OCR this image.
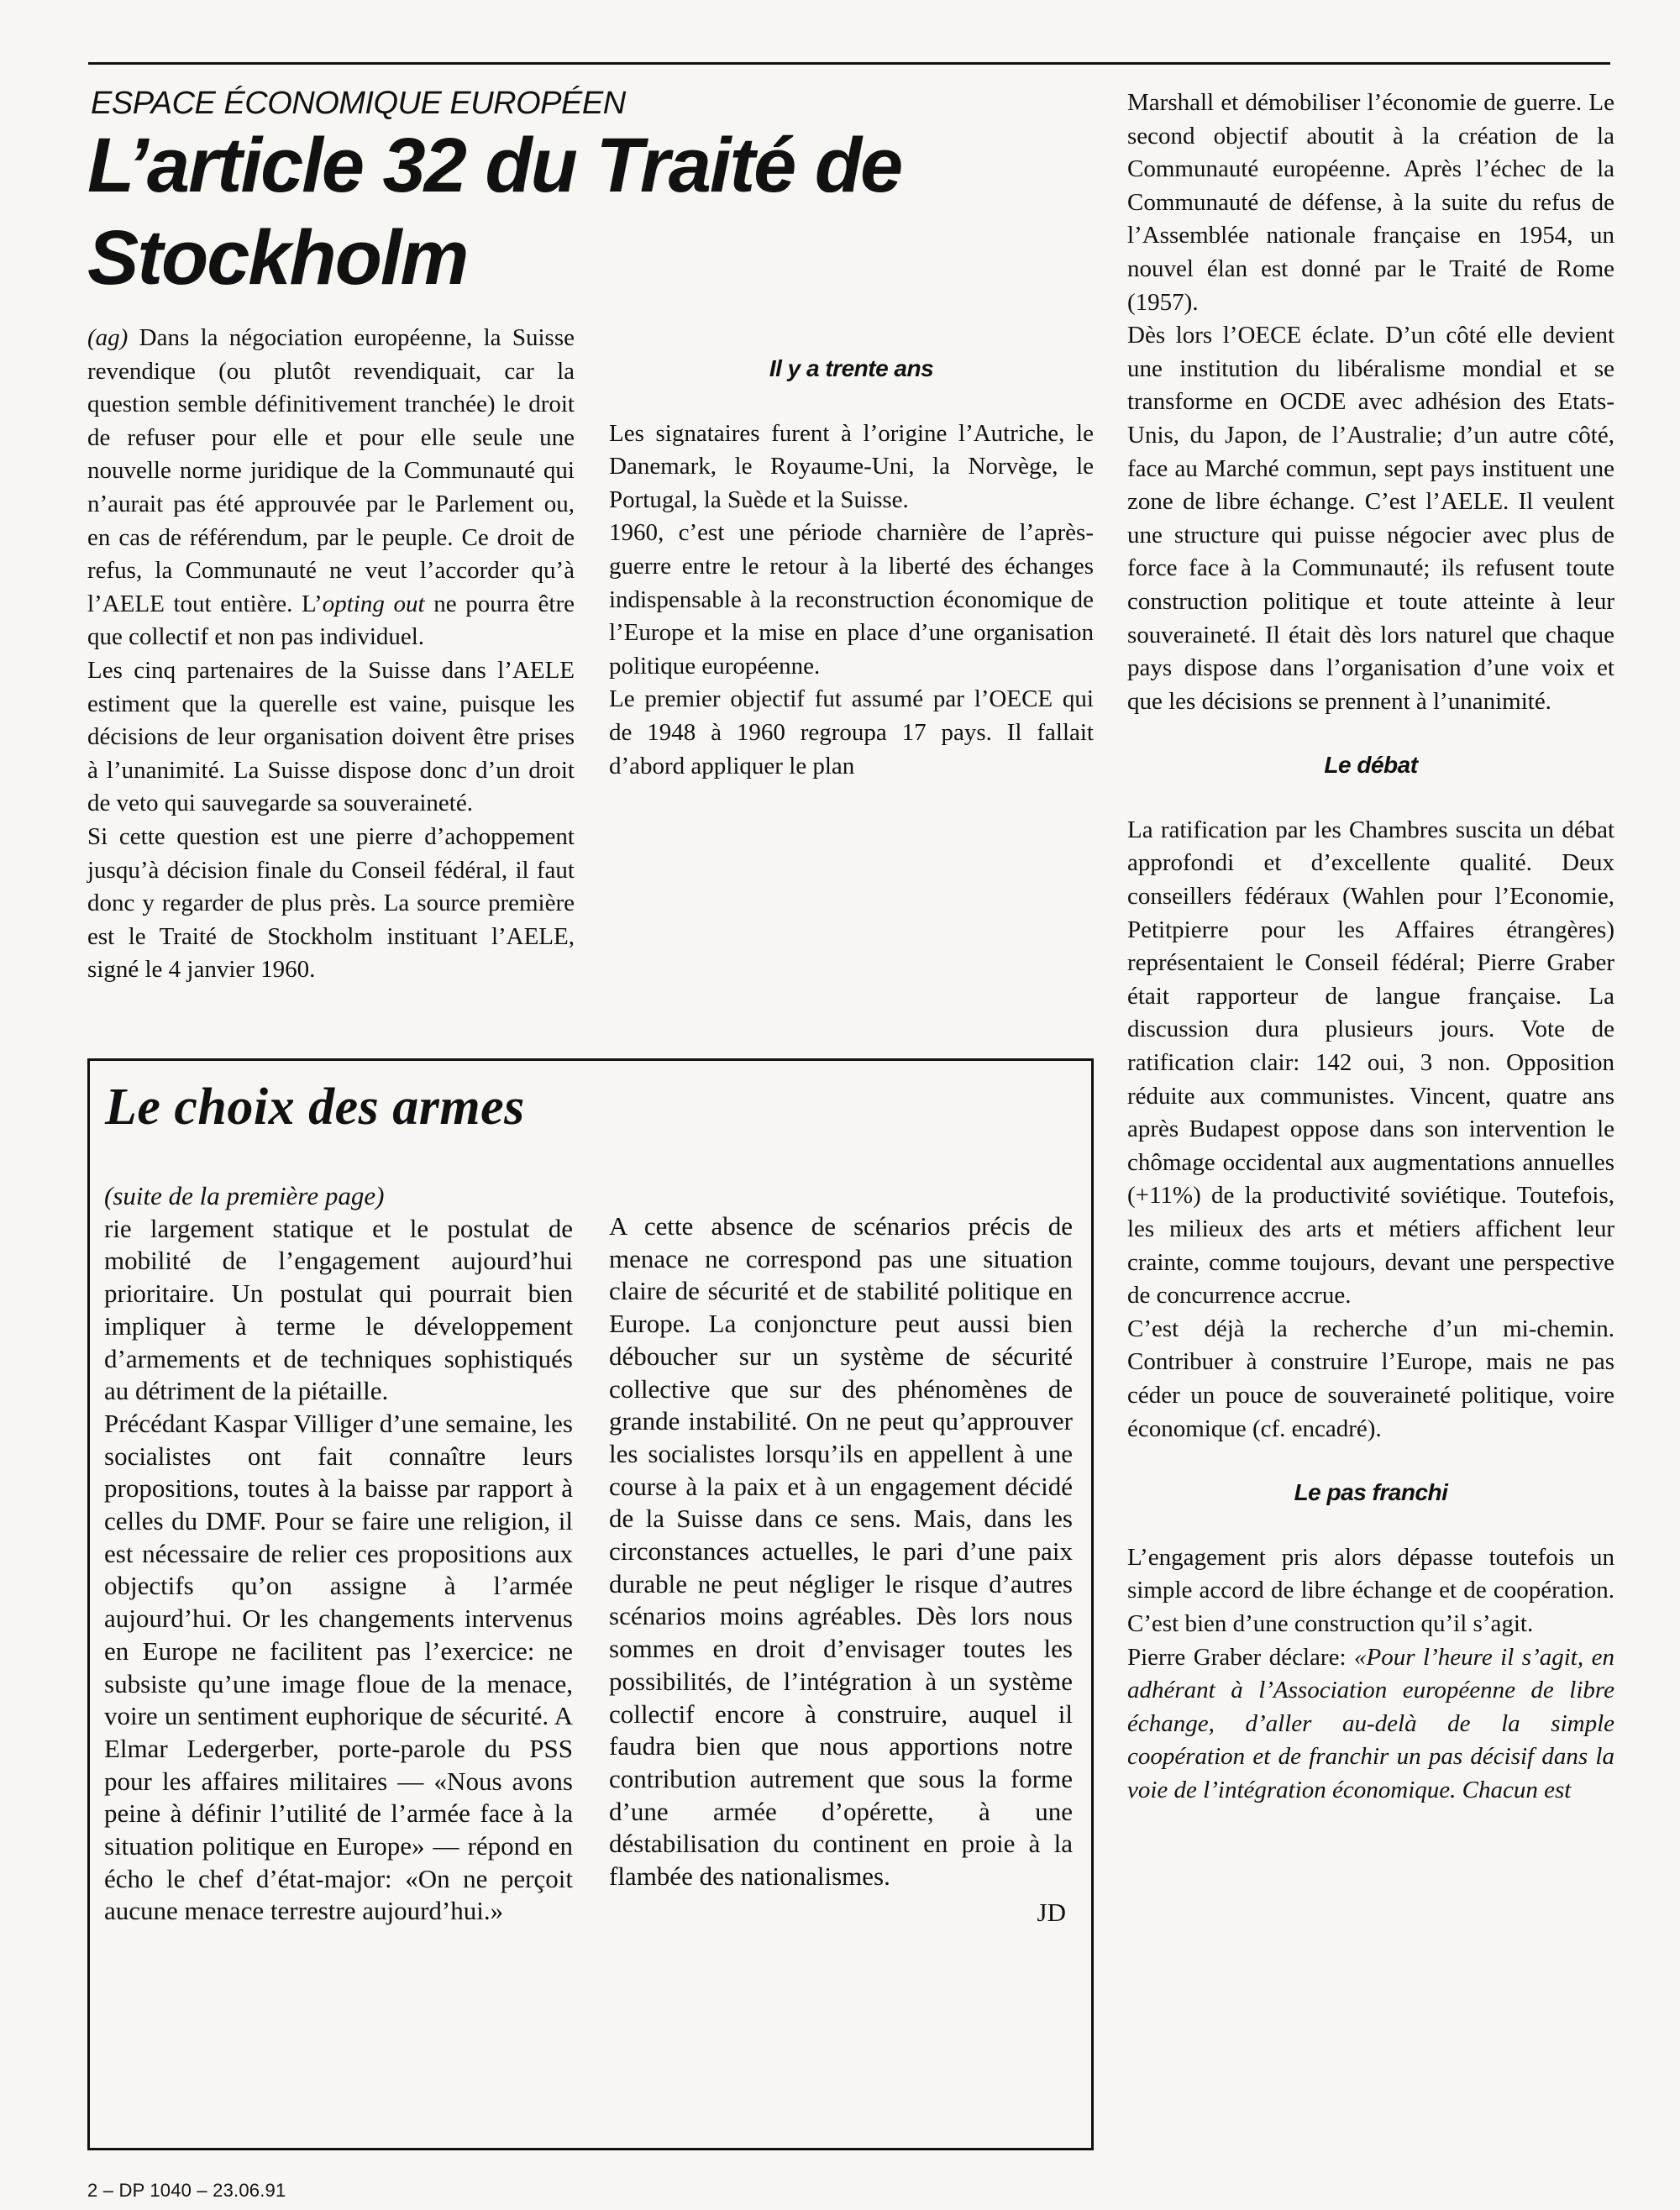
ESPACE ÉCONOMIQUE EUROPÉEN

L’article 32 du Traité de Stockholm

(ag) Dans la négociation européenne, la Suisse revendique (ou plutôt revendiquait, car la question semble définitivement tranchée) le droit de refuser pour elle et pour elle seule une nouvelle norme juridique de la Communauté qui n’aurait pas été approuvée par le Parlement ou, en cas de référendum, par le peuple. Ce droit de refus, la Communauté ne veut l’accorder qu’à l’AELE tout entière. L’opting out ne pourra être que collectif et non pas individuel.

Les cinq partenaires de la Suisse dans l’AELE estiment que la querelle est vaine, puisque les décisions de leur organisation doivent être prises à l’unanimité. La Suisse dispose donc d’un droit de veto qui sauvegarde sa souveraineté.

Si cette question est une pierre d’achoppement jusqu’à décision finale du Conseil fédéral, il faut donc y regarder de plus près. La source première est le Traité de Stockholm instituant l’AELE, signé le 4 janvier 1960.

Il y a trente ans

Les signataires furent à l’origine l’Autriche, le Danemark, le Royaume-Uni, la Norvège, le Portugal, la Suède et la Suisse.

1960, c’est une période charnière de l’après-guerre entre le retour à la liberté des échanges indispensable à la reconstruction économique de l’Europe et la mise en place d’une organisation politique européenne.

Le premier objectif fut assumé par l’OECE qui de 1948 à 1960 regroupa 17 pays. Il fallait d’abord appliquer le plan

Marshall et démobiliser l’économie de guerre. Le second objectif aboutit à la création de la Communauté européenne. Après l’échec de la Communauté de défense, à la suite du refus de l’Assemblée nationale française en 1954, un nouvel élan est donné par le Traité de Rome (1957).

Dès lors l’OECE éclate. D’un côté elle devient une institution du libéralisme mondial et se transforme en OCDE avec adhésion des Etats-Unis, du Japon, de l’Australie; d’un autre côté, face au Marché commun, sept pays instituent une zone de libre échange. C’est l’AELE. Il veulent une structure qui puisse négocier avec plus de force face à la Communauté; ils refusent toute construction politique et toute atteinte à leur souveraineté. Il était dès lors naturel que chaque pays dispose dans l’organisation d’une voix et que les décisions se prennent à l’unanimité.

Le débat

La ratification par les Chambres suscita un débat approfondi et d’excellente qualité. Deux conseillers fédéraux (Wahlen pour l’Economie, Petitpierre pour les Affaires étrangères) représentaient le Conseil fédéral; Pierre Graber était rapporteur de langue française. La discussion dura plusieurs jours. Vote de ratification clair: 142 oui, 3 non. Opposition réduite aux communistes. Vincent, quatre ans après Budapest oppose dans son intervention le chômage occidental aux augmentations annuelles (+11%) de la productivité soviétique. Toutefois, les milieux des arts et métiers affichent leur crainte, comme toujours, devant une perspective de concurrence accrue.

C’est déjà la recherche d’un mi-chemin. Contribuer à construire l’Europe, mais ne pas céder un pouce de souveraineté politique, voire économique (cf. encadré).

Le pas franchi

L’engagement pris alors dépasse toutefois un simple accord de libre échange et de coopération. C’est bien d’une construction qu’il s’agit.

Pierre Graber déclare: «Pour l’heure il s’agit, en adhérant à l’Association européenne de libre échange, d’aller au-delà de la simple coopération et de franchir un pas décisif dans la voie de l’intégration économique. Chacun est

Le choix des armes

(suite de la première page)

rie largement statique et le postulat de mobilité de l’engagement aujourd’hui prioritaire. Un postulat qui pourrait bien impliquer à terme le développement d’armements et de techniques sophistiqués au détriment de la piétaille.

Précédant Kaspar Villiger d’une semaine, les socialistes ont fait connaître leurs propositions, toutes à la baisse par rapport à celles du DMF. Pour se faire une religion, il est nécessaire de relier ces propositions aux objectifs qu’on assigne à l’armée aujourd’hui. Or les changements intervenus en Europe ne facilitent pas l’exercice: ne subsiste qu’une image floue de la menace, voire un sentiment euphorique de sécurité. A Elmar Ledergerber, porte-parole du PSS pour les affaires militaires — «Nous avons peine à définir l’utilité de l’armée face à la situation politique en Europe» — répond en écho le chef d’état-major: «On ne perçoit aucune menace terrestre aujourd’hui.»

A cette absence de scénarios précis de menace ne correspond pas une situation claire de sécurité et de stabilité politique en Europe. La conjoncture peut aussi bien déboucher sur un système de sécurité collective que sur des phénomènes de grande instabilité. On ne peut qu’approuver les socialistes lorsqu’ils en appellent à une course à la paix et à un engagement décidé de la Suisse dans ce sens. Mais, dans les circonstances actuelles, le pari d’une paix durable ne peut négliger le risque d’autres scénarios moins agréables. Dès lors nous sommes en droit d’envisager toutes les possibilités, de l’intégration à un système collectif encore à construire, auquel il faudra bien que nous apportions notre contribution autrement que sous la forme d’une armée d’opérette, à une déstabilisation du continent en proie à la flambée des nationalismes.

JD

2 – DP 1040 – 23.06.91
